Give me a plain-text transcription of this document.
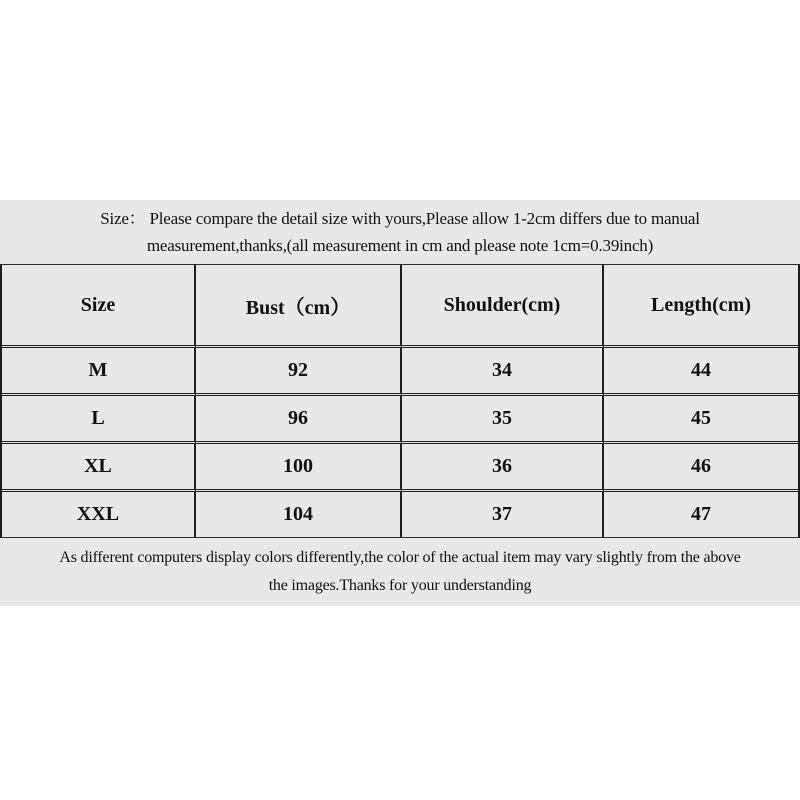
Size： Please compare the detail size with yours,Please allow 1-2cm differs due to manual
measurement,thanks,(all measurement in cm and please note 1cm=0.39inch)
Size	Bust（cm）	Shoulder(cm)	Length(cm)
M	92	34	44
L	96	35	45
XL	100	36	46
XXL	104	37	47
As different computers display colors differently,the color of the actual item may vary slightly from the above
the images.Thanks for your understanding
